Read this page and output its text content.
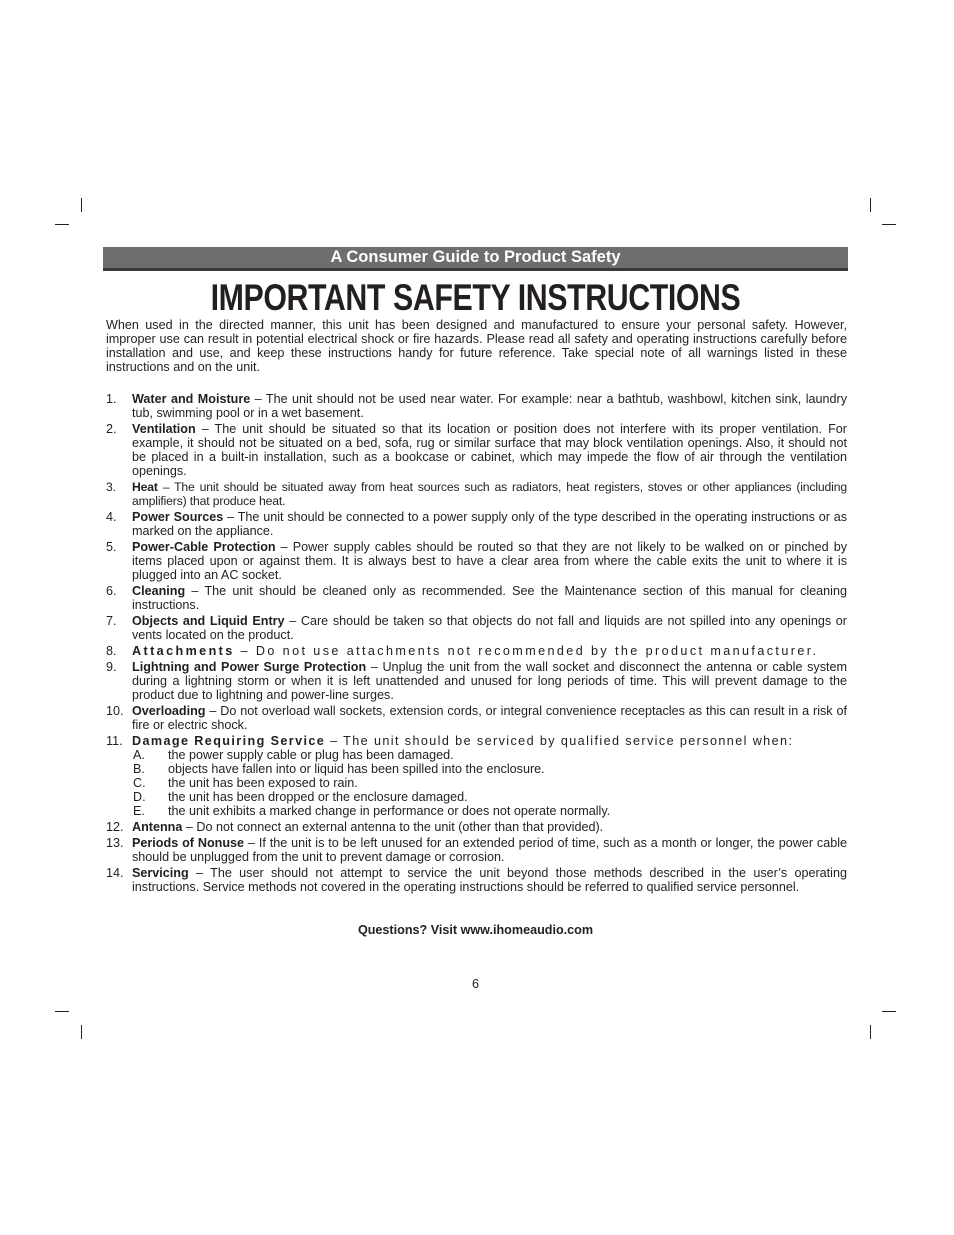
A Consumer Guide to Product Safety
IMPORTANT SAFETY INSTRUCTIONS

When used in the directed manner, this unit has been designed and manufactured to ensure your personal safety. However, improper use can result in potential electrical shock or fire hazards. Please read all safety and operating instructions carefully before installation and use, and keep these instructions handy for future reference. Take special note of all warnings listed in these instructions and on the unit.

1. Water and Moisture – The unit should not be used near water. For example: near a bathtub, washbowl, kitchen sink, laundry tub, swimming pool or in a wet basement.
2. Ventilation – The unit should be situated so that its location or position does not interfere with its proper ventilation. For example, it should not be situated on a bed, sofa, rug or similar surface that may block ventilation openings. Also, it should not be placed in a built-in installation, such as a bookcase or cabinet, which may impede the flow of air through the ventilation openings.
3. Heat – The unit should be situated away from heat sources such as radiators, heat registers, stoves or other appliances (including amplifiers) that produce heat.
4. Power Sources – The unit should be connected to a power supply only of the type described in the operating instructions or as marked on the appliance.
5. Power-Cable Protection – Power supply cables should be routed so that they are not likely to be walked on or pinched by items placed upon or against them. It is always best to have a clear area from where the cable exits the unit to where it is plugged into an AC socket.
6. Cleaning – The unit should be cleaned only as recommended. See the Maintenance section of this manual for cleaning instructions.
7. Objects and Liquid Entry – Care should be taken so that objects do not fall and liquids are not spilled into any openings or vents located on the product.
8. Attachments – Do not use attachments not recommended by the product manufacturer.
9. Lightning and Power Surge Protection – Unplug the unit from the wall socket and disconnect the antenna or cable system during a lightning storm or when it is left unattended and unused for long periods of time. This will prevent damage to the product due to lightning and power-line surges.
10. Overloading – Do not overload wall sockets, extension cords, or integral convenience receptacles as this can result in a risk of fire or electric shock.
11. Damage Requiring Service – The unit should be serviced by qualified service personnel when:
A. the power supply cable or plug has been damaged.
B. objects have fallen into or liquid has been spilled into the enclosure.
C. the unit has been exposed to rain.
D. the unit has been dropped or the enclosure damaged.
E. the unit exhibits a marked change in performance or does not operate normally.
12. Antenna – Do not connect an external antenna to the unit (other than that provided).
13. Periods of Nonuse – If the unit is to be left unused for an extended period of time, such as a month or longer, the power cable should be unplugged from the unit to prevent damage or corrosion.
14. Servicing – The user should not attempt to service the unit beyond those methods described in the user’s operating instructions. Service methods not covered in the operating instructions should be referred to qualified service personnel.
Questions? Visit www.ihomeaudio.com
6
